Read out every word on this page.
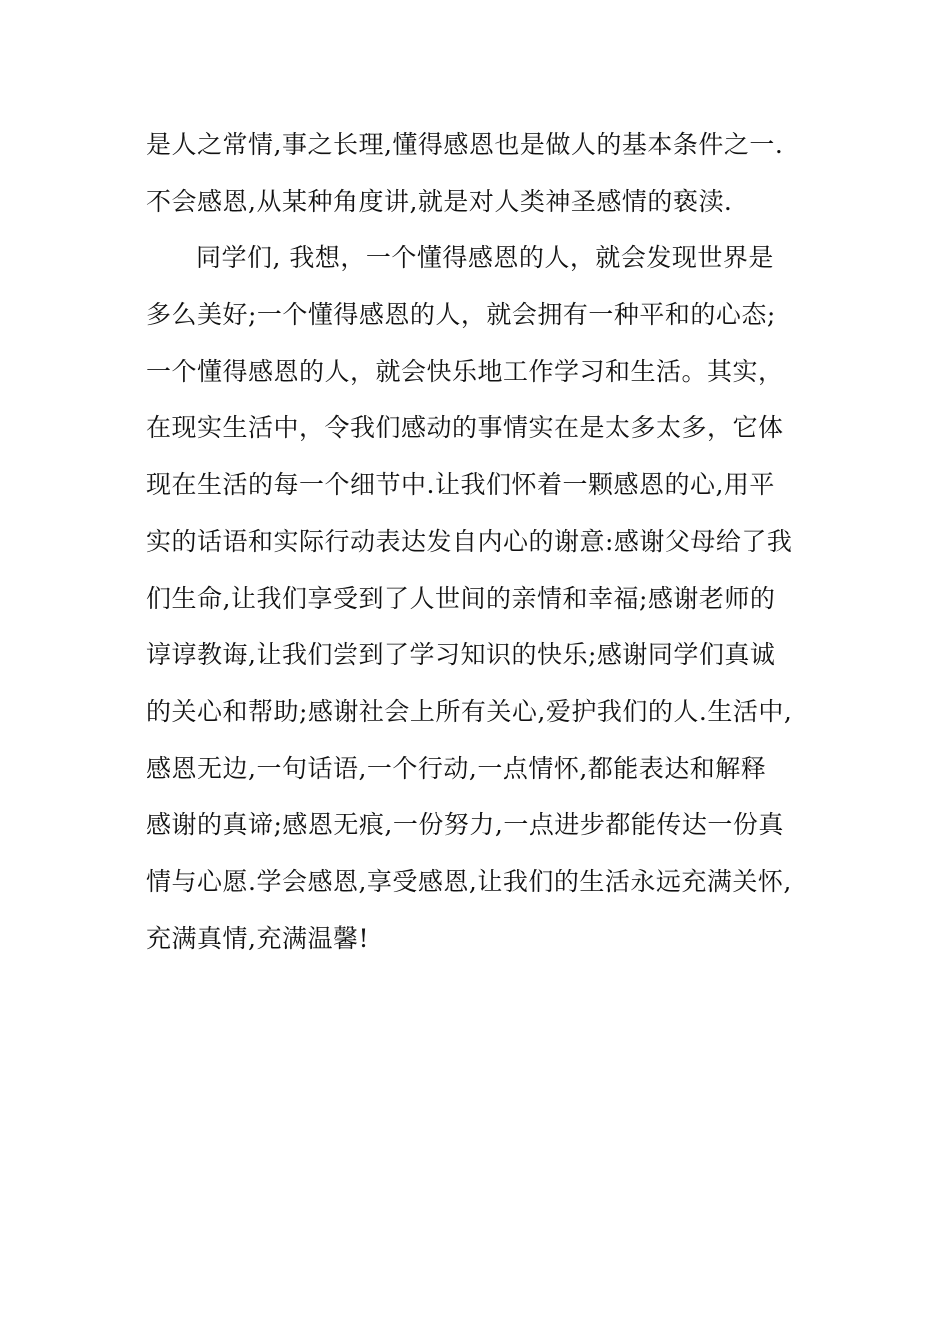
是人之常情,事之长理,懂得感恩也是做人的基本条件之一.
不会感恩,从某种角度讲,就是对人类神圣感情的亵渎.
同学们, 我想，一个懂得感恩的人，就会发现世界是
多么美好;一个懂得感恩的人，就会拥有一种平和的心态;
一个懂得感恩的人，就会快乐地工作学习和生活。其实，
在现实生活中，令我们感动的事情实在是太多太多，它体
现在生活的每一个细节中.让我们怀着一颗感恩的心,用平
实的话语和实际行动表达发自内心的谢意:感谢父母给了我
们生命,让我们享受到了人世间的亲情和幸福;感谢老师的
谆谆教诲,让我们尝到了学习知识的快乐;感谢同学们真诚
的关心和帮助;感谢社会上所有关心,爱护我们的人.生活中,
感恩无边,一句话语,一个行动,一点情怀,都能表达和解释
感谢的真谛;感恩无痕,一份努力,一点进步都能传达一份真
情与心愿.学会感恩,享受感恩,让我们的生活永远充满关怀,
充满真情,充满温馨!
